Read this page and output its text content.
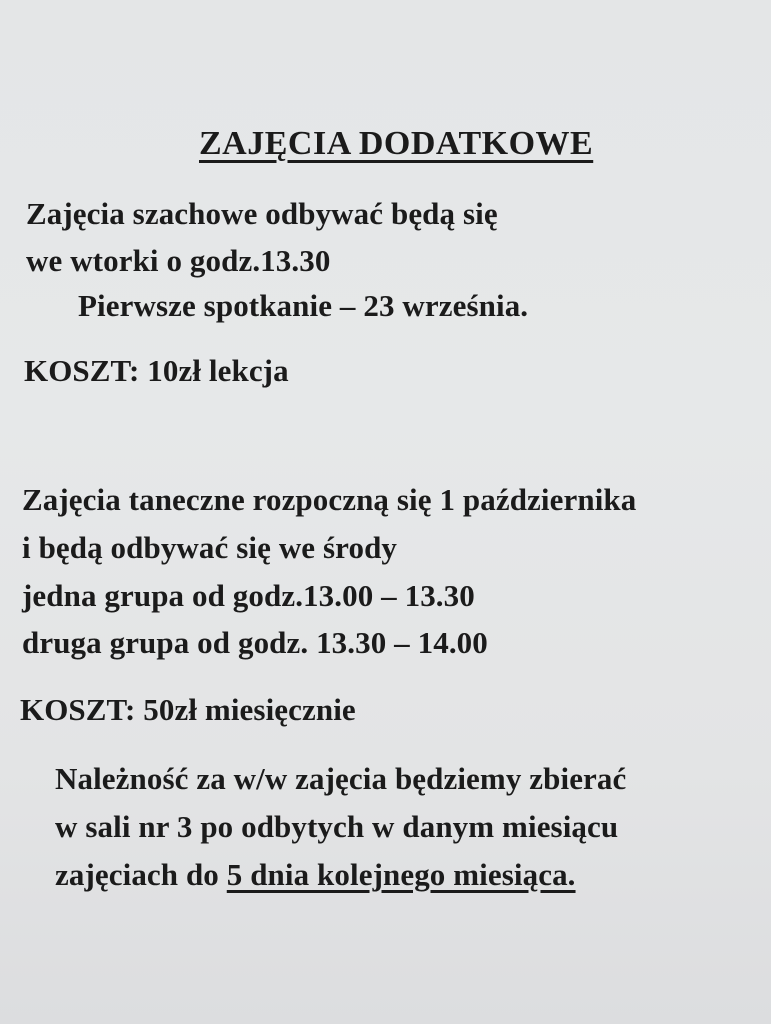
ZAJĘCIA DODATKOWE
Zajęcia szachowe odbywać będą się
we wtorki o godz.13.30
Pierwsze spotkanie – 23 września.
KOSZT: 10zł lekcja
Zajęcia taneczne rozpoczną się 1 października
i będą odbywać się we środy
jedna grupa od godz.13.00 – 13.30
druga grupa od godz. 13.30 – 14.00
KOSZT: 50zł miesięcznie
Należność za w/w zajęcia będziemy zbierać
w sali nr 3 po odbytych w danym miesiącu
zajęciach do 5 dnia kolejnego miesiąca.
